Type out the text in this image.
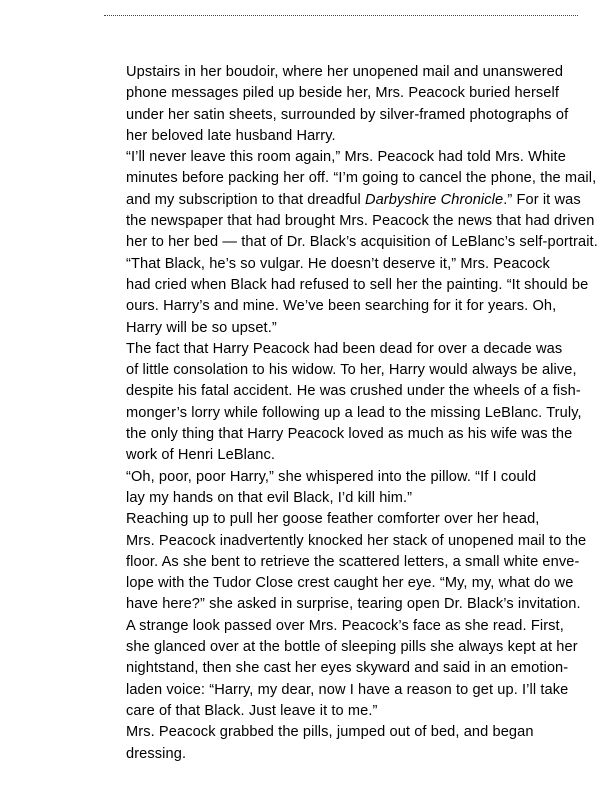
Upstairs in her boudoir, where her unopened mail and unanswered
phone messages piled up beside her, Mrs. Peacock buried herself
under her satin sheets, surrounded by silver-framed photographs of
her beloved late husband Harry.

“I’ll never leave this room again,” Mrs. Peacock had told Mrs. White
minutes before packing her off. “I’m going to cancel the phone, the mail,
and my subscription to that dreadful Darbyshire Chronicle.” For it was
the newspaper that had brought Mrs. Peacock the news that had driven
her to her bed — that of Dr. Black’s acquisition of LeBlanc’s self-portrait.

“That Black, he’s so vulgar. He doesn’t deserve it,” Mrs. Peacock
had cried when Black had refused to sell her the painting. “It should be
ours. Harry’s and mine. We’ve been searching for it for years. Oh,
Harry will be so upset.”

The fact that Harry Peacock had been dead for over a decade was
of little consolation to his widow. To her, Harry would always be alive,
despite his fatal accident. He was crushed under the wheels of a fish-
monger’s lorry while following up a lead to the missing LeBlanc. Truly,
the only thing that Harry Peacock loved as much as his wife was the
work of Henri LeBlanc.

“Oh, poor, poor Harry,” she whispered into the pillow. “If I could
lay my hands on that evil Black, I’d kill him.”

Reaching up to pull her goose feather comforter over her head,
Mrs. Peacock inadvertently knocked her stack of unopened mail to the
floor. As she bent to retrieve the scattered letters, a small white enve-
lope with the Tudor Close crest caught her eye. “My, my, what do we
have here?” she asked in surprise, tearing open Dr. Black’s invitation.

A strange look passed over Mrs. Peacock’s face as she read. First,
she glanced over at the bottle of sleeping pills she always kept at her
nightstand, then she cast her eyes skyward and said in an emotion-
laden voice: “Harry, my dear, now I have a reason to get up. I’ll take
care of that Black. Just leave it to me.”

Mrs. Peacock grabbed the pills, jumped out of bed, and began
dressing.
